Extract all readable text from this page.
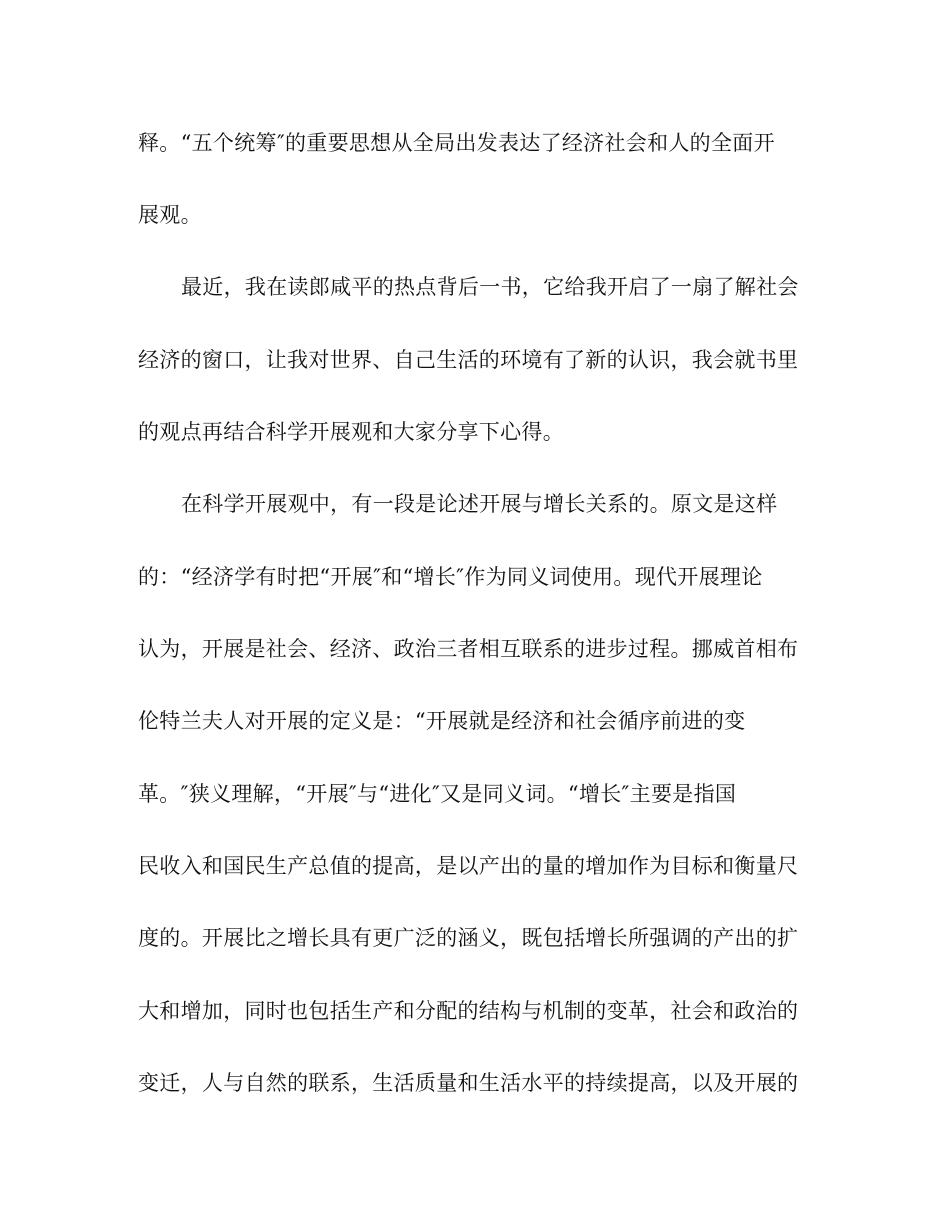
释。“五个统筹″的重要思想从全局出发表达了经济社会和人的全面开
展观。
最近，我在读郎咸平的热点背后一书，它给我开启了一扇了解社会
经济的窗口，让我对世界、自己生活的环境有了新的认识，我会就书里
的观点再结合科学开展观和大家分享下心得。
在科学开展观中，有一段是论述开展与增长关系的。原文是这样
的：“经济学有时把“开展″和“增长″作为同义词使用。现代开展理论
认为，开展是社会、经济、政治三者相互联系的进步过程。挪威首相布
伦特兰夫人对开展的定义是：“开展就是经济和社会循序前进的变
革。″狭义理解，“开展″与“进化″又是同义词。“增长″主要是指国
民收入和国民生产总值的提高，是以产出的量的增加作为目标和衡量尺
度的。开展比之增长具有更广泛的涵义，既包括增长所强调的产出的扩
大和增加，同时也包括生产和分配的结构与机制的变革，社会和政治的
变迁，人与自然的联系，生活质量和生活水平的持续提高，以及开展的
